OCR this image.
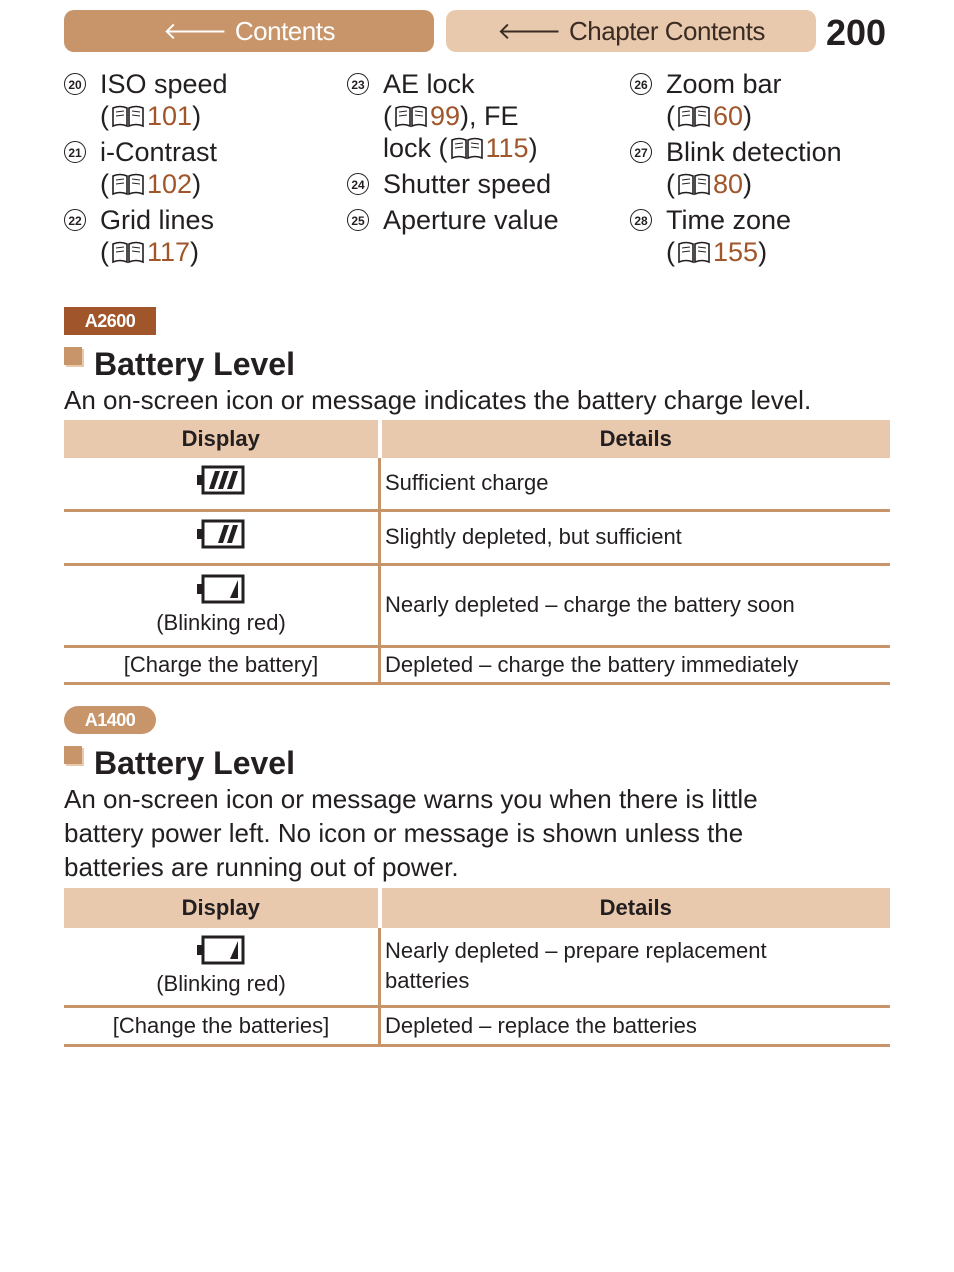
🡐 Contents	🡐 Chapter Contents 200
20 ISO speed
( 101)
21 i-Contrast
( 102)
22 Grid lines
( 117)
23 AE lock
( 99), FE
lock ( 115)
24 Shutter speed
25 Aperture value
26 Zoom bar
( 60)
27 Blink detection
( 80)
28 Time zone
( 155)
A2600
Battery Level
An on-screen icon or message indicates the battery charge level.
Display	Details
	Sufficient charge
	Slightly depleted, but sufficient

(Blinking red)	Nearly depleted – charge the battery soon
[Charge the battery]	Depleted – charge the battery immediately
A1400
Battery Level
An on-screen icon or message warns you when there is little
battery power left. No icon or message is shown unless the
batteries are running out of power.
Display	Details

(Blinking red)	Nearly depleted – prepare replacement
batteries

[Change the batteries]	Depleted – replace the batteries
